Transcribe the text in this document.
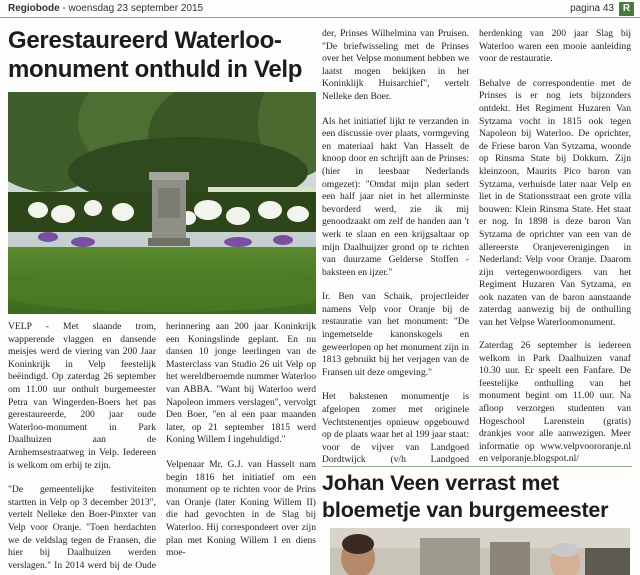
Regiobode - woensdag 23 september 2015	pagina 43 R
Gerestaureerd Waterloo-monument onthuld in Velp

VELP - Met slaande trom, wapperende vlaggen en dansende meisjes werd de viering van 200 Jaar Koninkrijk in Velp feestelijk beëindigd. Op zaterdag 26 september om 11.00 uur onthult burgemeester Petra van Wingerden-Boers het pas gerestaureerde, 200 jaar oude Waterloo-monument in Park Daalhuizen aan de Arnhemsestraatweg in Velp. Iedereen is welkom om erbij te zijn.

"De gemeentelijke festiviteiten startten in Velp op 3 december 2013", vertelt Nelleke den Boer-Pinxter van Velp voor Oranje. "Toen herdachten we de veldslag tegen de Fransen, die hier bij Daalhuizen werden verslagen." In 2014 werd bij de Oude

herinnering aan 200 jaar Koninkrijk een Koningslinde geplant. En nu dansen 10 jonge leerlingen van de Masterclass van Studio 26 uit Velp op het wereldberoemde nummer Waterloo van ABBA. "Want bij Waterloo werd Napoleon immers verslagen", vervolgt Den Boer, "en al een paar maanden later, op 21 september 1815 werd Koning Willem I ingehuldigd."

Velpenaar Mr. G.J. van Hasselt nam begin 1816 het initiatief om een monument op te richten voor de Prins van Oranje (later Koning Willem II) die had gevochten in de Slag bij Waterloo. Hij correspondeert over zijn plan met Koning Willem I en diens moe-

der, Prinses Wilhelmina van Pruisen. "De briefwisseling met de Prinses over het Velpse monument hebben we laatst mogen bekijken in het Koninklijk Huisarchief", vertelt Nelleke den Boer.

Als het initiatief lijkt te verzanden in een discussie over plaats, vormgeving en materiaal hakt Van Hasselt de knoop door en schrijft aan de Prinses: (hier in leesbaar Nederlands omgezet): "Omdat mijn plan sedert een half jaar niet in het allerminste bevorderd werd, zie ik mij genoodzaakt om zelf de handen aan 't werk te slaan en een krijgsaltaar op mijn Daalhuijzer grond op te richten van duurzame Gelderse Stoffen - baksteen en ijzer."

Ir. Ben van Schaik, projectleider namens Velp voor Oranje bij de restauratie van het monument: "De ingemetselde kanonskogels en geweerlopen op het monument zijn in 1813 gebruikt bij het verjagen van de Fransen uit deze omgeving."

Het bakstenen monumentje is afgelopen zomer met originele Vechtstenentjes opnieuw opgebouwd op de plaats waar het al 199 jaar staat: voor de vijver van Landgoed Dordtwijck (v/h Landgoed

herdenking van 200 jaar Slag bij Waterloo waren een mooie aanleiding voor de restauratie.

Behalve de correspondentie met de Prinses is er nog iets bijzonders ontdekt. Het Regiment Huzaren Van Sytzama vocht in 1815 ook tegen Napoleon bij Waterloo. De oprichter, de Friese baron Van Sytzama, woonde op Rinsma State bij Dokkum. Zijn kleinzoon, Maurits Pico baron van Sytzama, verhuisde later naar Velp en liet in de Stationsstraat een grote villa bouwen: Klein Rinsma State. Het staat er nog. In 1898 is deze baron Van Sytzama de oprichter van een van de allereerste Oranjeverenigingen in Nederland: Velp voor Oranje. Daarom zijn vertegenwoordigers van het Regiment Huzaren Van Sytzama, en ook nazaten van de baron aanstaande zaterdag aanwezig bij de onthulling van het Velpse Waterloomonument.

Zaterdag 26 september is iedereen welkom in Park Daalhuizen vanaf 10.30 uur. Er speelt een Fanfare. De feestelijke onthulling van het monument begint om 11.00 uur. Na afloop verzorgen studenten van Hogeschool Larenstein (gratis) drankjes voor alle aanwezigen. Meer informatie op www.velpvoororanje.nl en velporanje.blogspot.nl/

Johan Veen verrast met bloemetje van burgemeester
